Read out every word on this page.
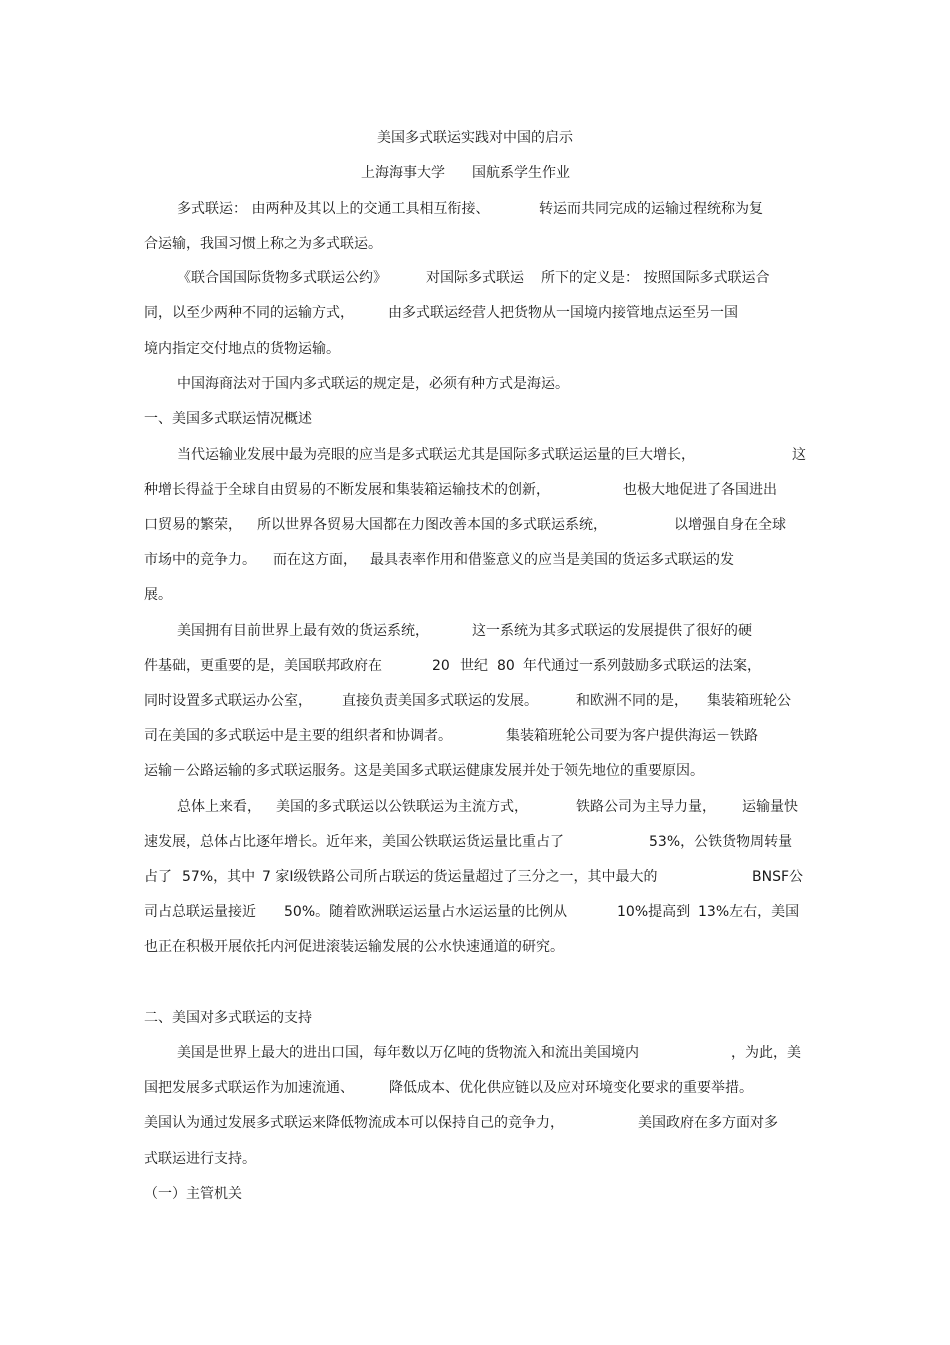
美国多式联运实践对中国的启示
上海海事大学 国航系学生作业
多式联运： 由两种及其以上的交通工具相互衔接、	转运而共同完成的运输过程统称为复
合运输，我国习惯上称之为多式联运。
《联合国国际货物多式联运公约》	对国际多式联运 所下的定义是： 按照国际多式联运合
同，以至少两种不同的运输方式， 由多式联运经营人把货物从一国境内接管地点运至另一国
境内指定交付地点的货物运输。
中国海商法对于国内多式联运的规定是，必须有种方式是海运。
一、美国多式联运情况概述
当代运输业发展中最为亮眼的应当是多式联运尤其是国际多式联运运量的巨大增长，	这
种增长得益于全球自由贸易的不断发展和集装箱运输技术的创新，	也极大地促进了各国进出
口贸易的繁荣， 所以世界各贸易大国都在力图改善本国的多式联运系统，	以增强自身在全球
市场中的竞争力。 而在这方面， 最具表率作用和借鉴意义的应当是美国的货运多式联运的发
展。
美国拥有目前世界上最有效的货运系统，	这一系统为其多式联运的发展提供了很好的硬
件基础，更重要的是，美国联邦政府在	20 世纪 80 年代通过一系列鼓励多式联运的法案，
同时设置多式联运办公室， 直接负责美国多式联运的发展。	和欧洲不同的是， 集装箱班轮公
司在美国的多式联运中是主要的组织者和协调者。	集装箱班轮公司要为客户提供海运－铁路
运输－公路运输的多式联运服务。这是美国多式联运健康发展并处于领先地位的重要原因。
总体上来看， 美国的多式联运以公铁联运为主流方式，	铁路公司为主导力量， 运输量快
速发展，总体占比逐年增长。近年来，美国公铁联运货运量比重占了	53%，公铁货物周转量
占了 57%，其中 7 家Ⅰ级铁路公司所占联运的货运量超过了三分之一，其中最大的	BNSF公
司占总联运量接近 50%。随着欧洲联运运量占水运运量的比例从	10%提高到 13%左右，美国
也正在积极开展依托内河促进滚装运输发展的公水快速通道的研究。
二、美国对多式联运的支持
美国是世界上最大的进出口国，每年数以万亿吨的货物流入和流出美国境内	，为此，美
国把发展多式联运作为加速流通、	降低成本、优化供应链以及应对环境变化要求的重要举措。
美国认为通过发展多式联运来降低物流成本可以保持自己的竞争力，	美国政府在多方面对多
式联运进行支持。
（一）主管机关
